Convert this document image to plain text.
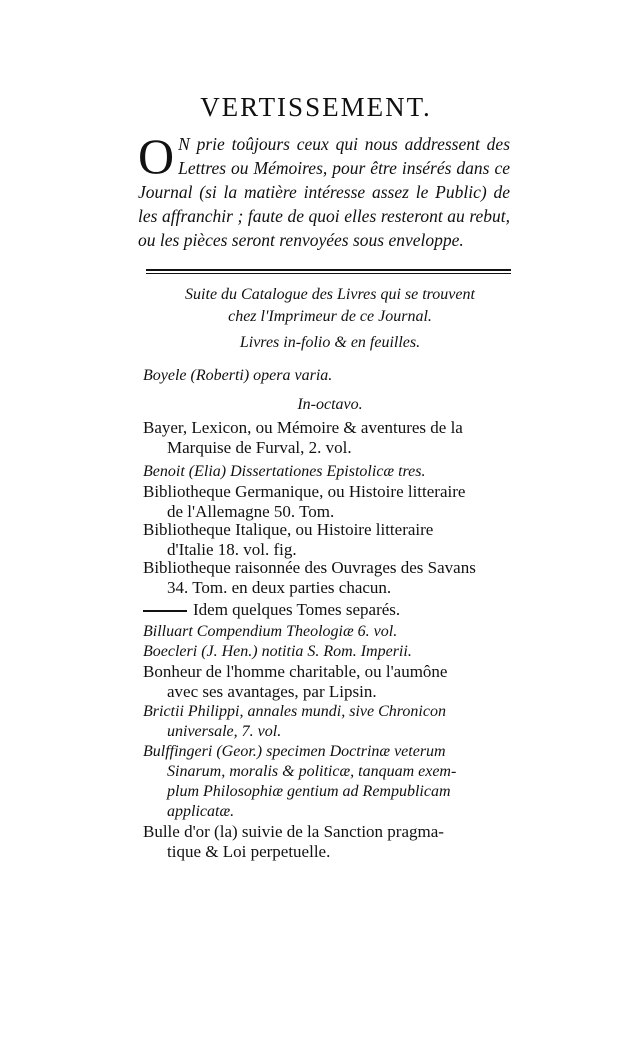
VERTISSEMENT.
O N prie toûjours ceux qui nous addressent des Lettres ou Mémoires, pour être insérés dans ce Journal (si la matière intéresse assez le Public) de les affranchir ; faute de quoi elles resteront au rebut, ou les pièces seront renvoyées sous enveloppe.
Suite du Catalogue des Livres qui se trouvent
chez l'Imprimeur de ce Journal.
Livres in-folio & en feuilles.
Boyele (Roberti) opera varia.
In-octavo.
Bayer, Lexicon, ou Mémoire & aventures de la
Marquise de Furval, 2. vol.
Benoit (Elia) Dissertationes Epistolicæ tres.
Bibliotheque Germanique, ou Histoire litteraire
de l'Allemagne 50. Tom.
Bibliotheque Italique, ou Histoire litteraire
d'Italie 18. vol. fig.
Bibliotheque raisonnée des Ouvrages des Savans
34. Tom. en deux parties chacun.
Idem quelques Tomes separés.
Billuart Compendium Theologiæ 6. vol.
Boecleri (J. Hen.) notitia S. Rom. Imperii.
Bonheur de l'homme charitable, ou l'aumône
avec ses avantages, par Lipsin.
Brictii Philippi, annales mundi, sive Chronicon
universale, 7. vol.
Bulffingeri (Geor.) specimen Doctrinæ veterum
Sinarum, moralis & politicæ, tanquam exem-
plum Philosophiæ gentium ad Rempublicam
applicatæ.
Bulle d'or (la) suivie de la Sanction pragma-
tique & Loi perpetuelle.
